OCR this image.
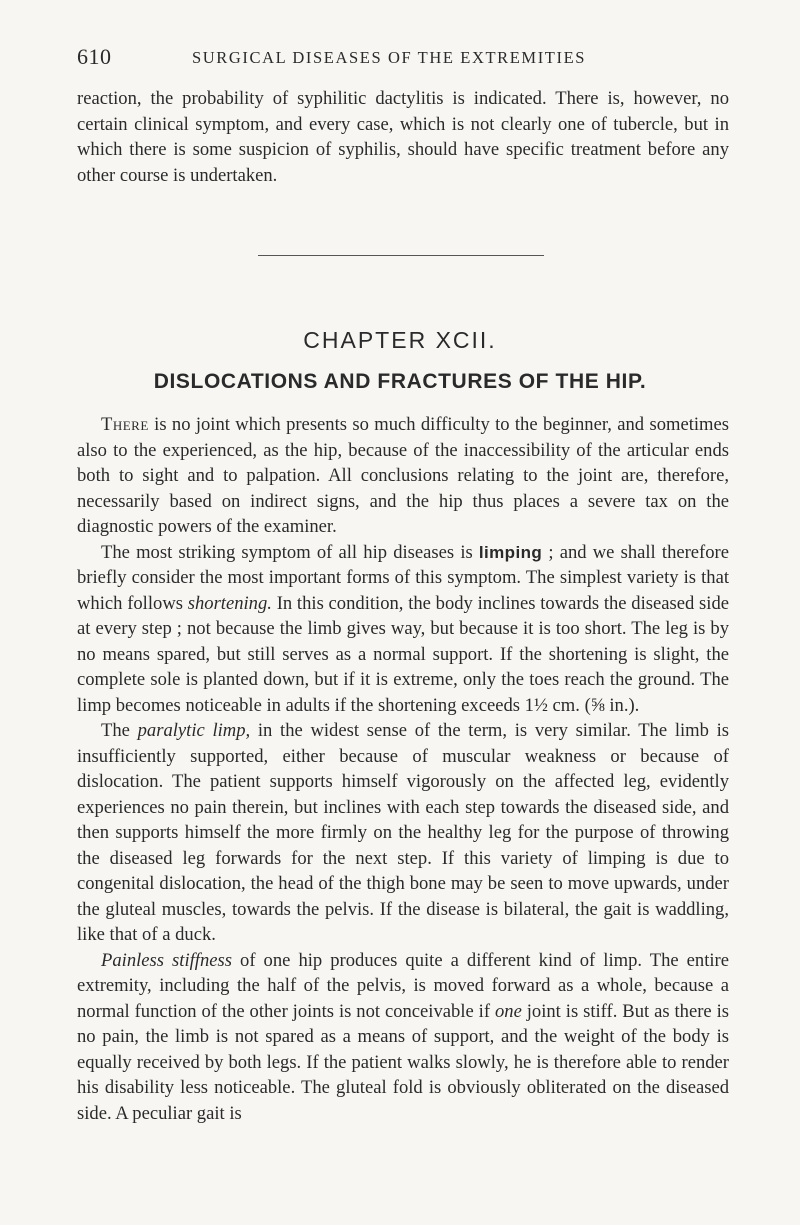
610	SURGICAL DISEASES OF THE EXTREMITIES

reaction, the probability of syphilitic dactylitis is indicated. There is, however, no certain clinical symptom, and every case, which is not clearly one of tubercle, but in which there is some suspicion of syphilis, should have specific treatment before any other course is undertaken.

CHAPTER XCII.
DISLOCATIONS AND FRACTURES OF THE HIP.

There is no joint which presents so much difficulty to the beginner, and sometimes also to the experienced, as the hip, because of the inaccessibility of the articular ends both to sight and to palpation. All conclusions relating to the joint are, therefore, necessarily based on indirect signs, and the hip thus places a severe tax on the diagnostic powers of the examiner.

The most striking symptom of all hip diseases is limping ; and we shall therefore briefly consider the most important forms of this symptom. The simplest variety is that which follows shortening. In this condition, the body inclines towards the diseased side at every step ; not because the limb gives way, but because it is too short. The leg is by no means spared, but still serves as a normal support. If the shortening is slight, the complete sole is planted down, but if it is extreme, only the toes reach the ground. The limp becomes noticeable in adults if the shortening exceeds 1½ cm. (⅝ in.).

The paralytic limp, in the widest sense of the term, is very similar. The limb is insufficiently supported, either because of muscular weakness or because of dislocation. The patient supports himself vigorously on the affected leg, evidently experiences no pain therein, but inclines with each step towards the diseased side, and then supports himself the more firmly on the healthy leg for the purpose of throwing the diseased leg forwards for the next step. If this variety of limping is due to congenital dislocation, the head of the thigh bone may be seen to move upwards, under the gluteal muscles, towards the pelvis. If the disease is bilateral, the gait is waddling, like that of a duck.

Painless stiffness of one hip produces quite a different kind of limp. The entire extremity, including the half of the pelvis, is moved forward as a whole, because a normal function of the other joints is not conceivable if one joint is stiff. But as there is no pain, the limb is not spared as a means of support, and the weight of the body is equally received by both legs. If the patient walks slowly, he is therefore able to render his disability less noticeable. The gluteal fold is obviously obliterated on the diseased side. A peculiar gait is
